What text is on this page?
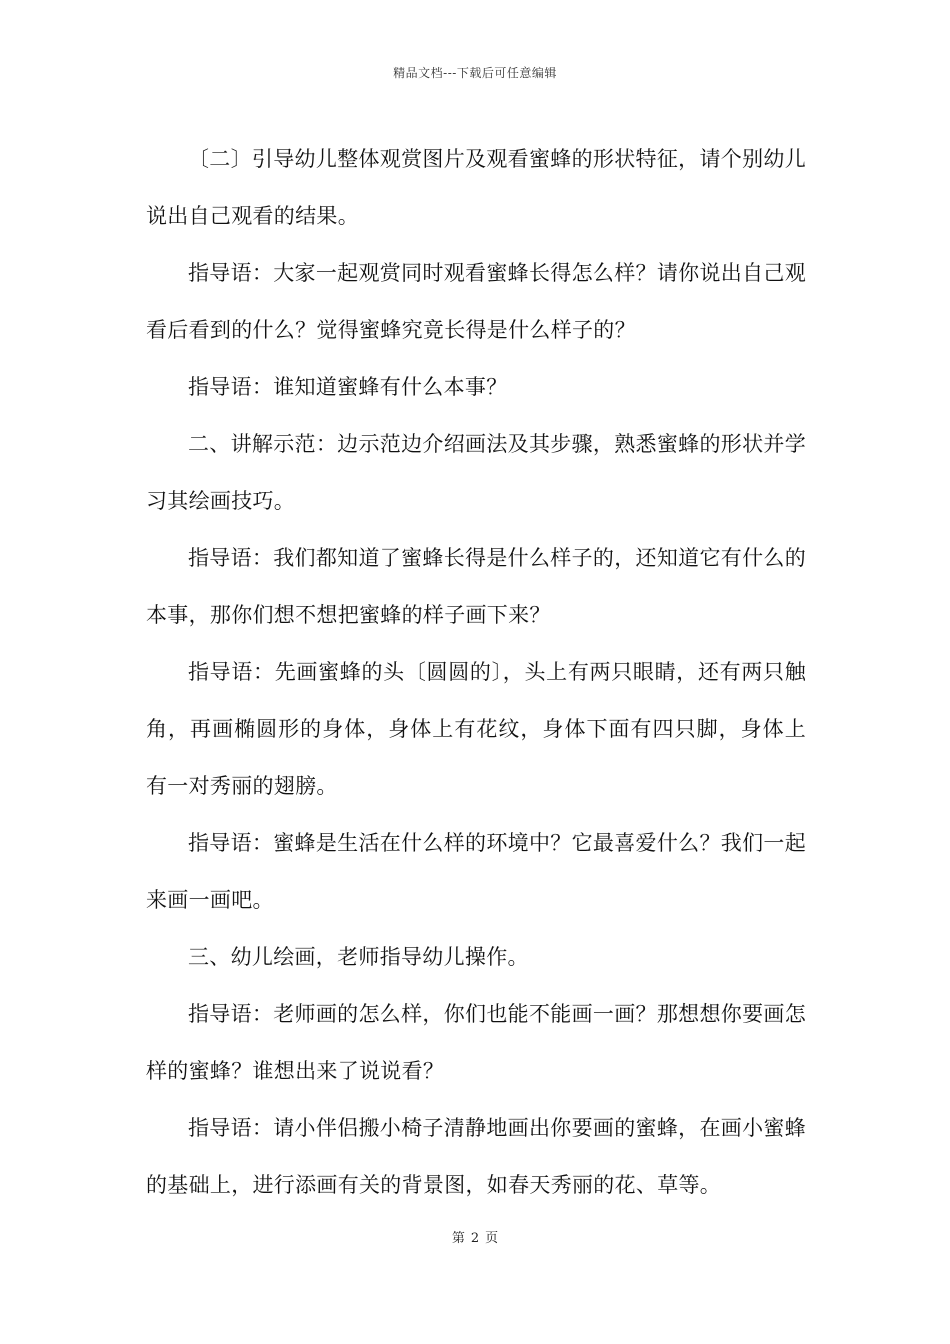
精品文档---下载后可任意编辑

〔二〕引导幼儿整体观赏图片及观看蜜蜂的形状特征，请个别幼儿说出自己观看的结果。

指导语：大家一起观赏同时观看蜜蜂长得怎么样？请你说出自己观看后看到的什么？觉得蜜蜂究竟长得是什么样子的？

指导语：谁知道蜜蜂有什么本事？

二、讲解示范：边示范边介绍画法及其步骤，熟悉蜜蜂的形状并学习其绘画技巧。

指导语：我们都知道了蜜蜂长得是什么样子的，还知道它有什么的本事，那你们想不想把蜜蜂的样子画下来？

指导语：先画蜜蜂的头〔圆圆的〕，头上有两只眼睛，还有两只触角，再画椭圆形的身体，身体上有花纹，身体下面有四只脚，身体上有一对秀丽的翅膀。

指导语：蜜蜂是生活在什么样的环境中？它最喜爱什么？我们一起来画一画吧。

三、幼儿绘画，老师指导幼儿操作。

指导语：老师画的怎么样，你们也能不能画一画？那想想你要画怎样的蜜蜂？谁想出来了说说看？

指导语：请小伴侣搬小椅子清静地画出你要画的蜜蜂，在画小蜜蜂的基础上，进行添画有关的背景图，如春天秀丽的花、草等。

第 2 页
